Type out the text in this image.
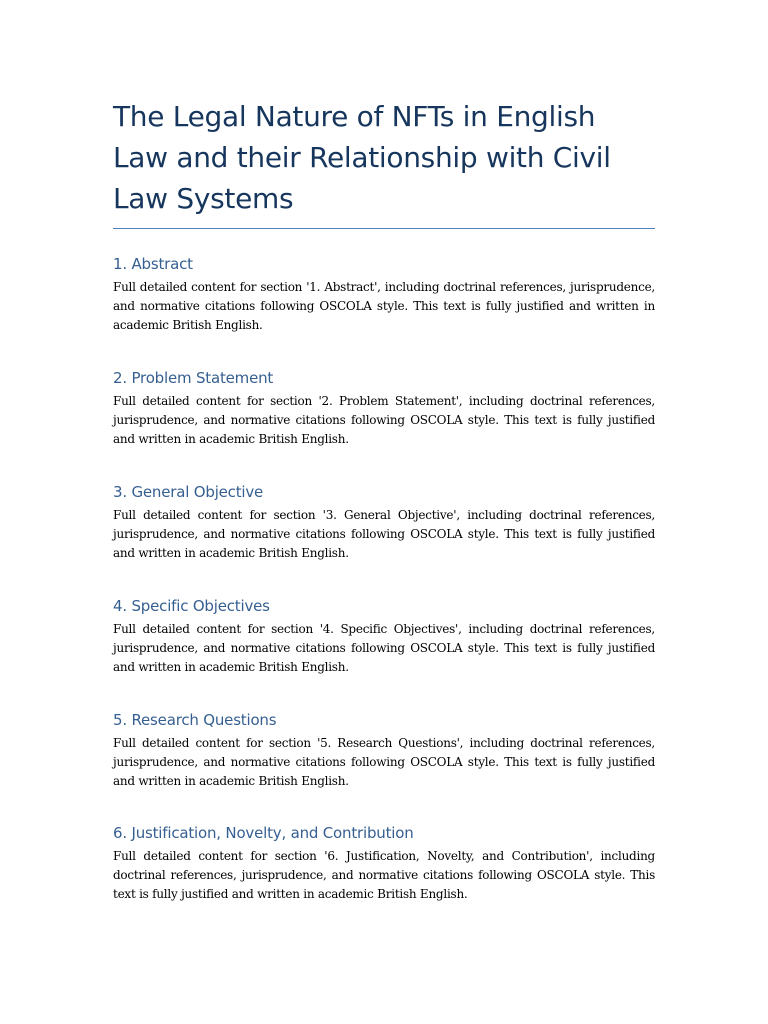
The Legal Nature of NFTs in English Law and their Relationship with Civil Law Systems
1. Abstract

Full detailed content for section '1. Abstract', including doctrinal references, jurisprudence, and normative citations following OSCOLA style. This text is fully justified and written in academic British English.

2. Problem Statement

Full detailed content for section '2. Problem Statement', including doctrinal references, jurisprudence, and normative citations following OSCOLA style. This text is fully justified and written in academic British English.

3. General Objective

Full detailed content for section '3. General Objective', including doctrinal references, jurisprudence, and normative citations following OSCOLA style. This text is fully justified and written in academic British English.

4. Specific Objectives

Full detailed content for section '4. Specific Objectives', including doctrinal references, jurisprudence, and normative citations following OSCOLA style. This text is fully justified and written in academic British English.

5. Research Questions

Full detailed content for section '5. Research Questions', including doctrinal references, jurisprudence, and normative citations following OSCOLA style. This text is fully justified and written in academic British English.

6. Justification, Novelty, and Contribution

Full detailed content for section '6. Justification, Novelty, and Contribution', including doctrinal references, jurisprudence, and normative citations following OSCOLA style. This text is fully justified and written in academic British English.
